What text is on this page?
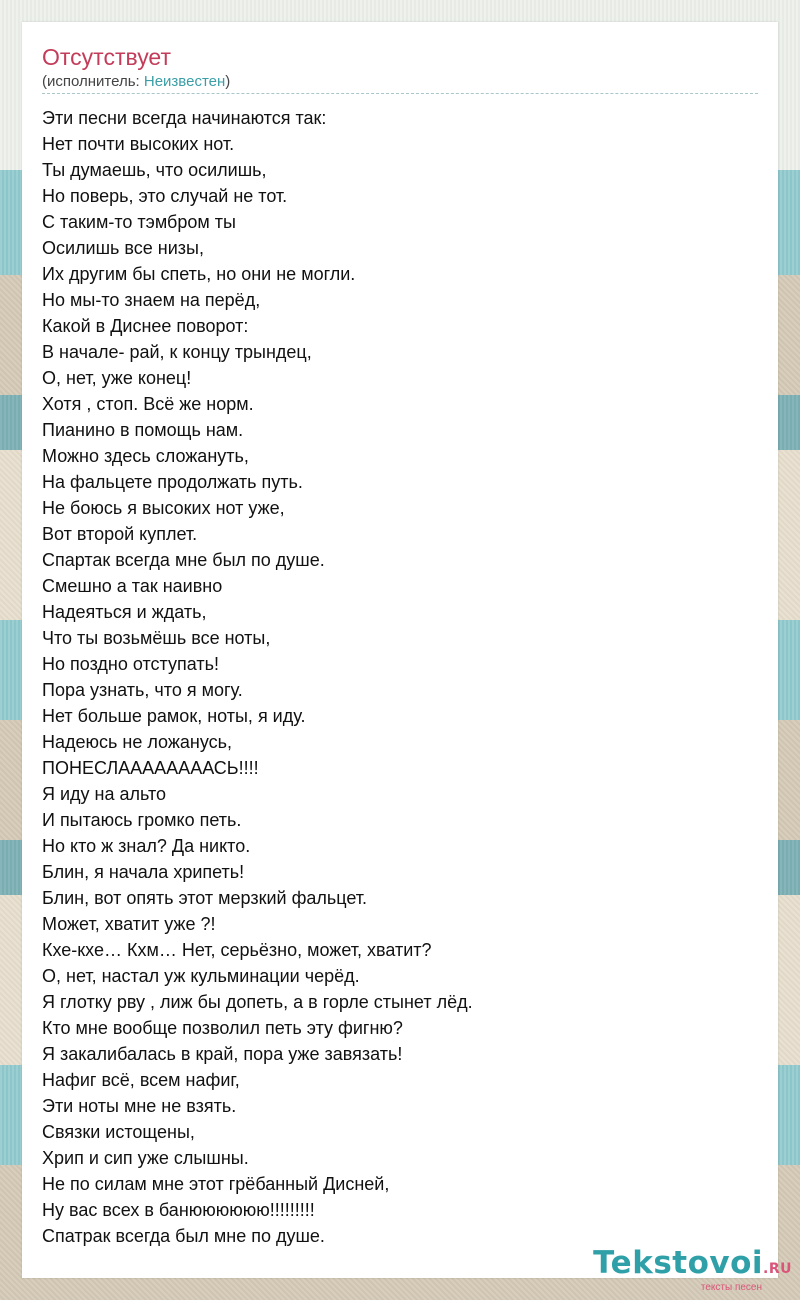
Отсутствует
(исполнитель: Неизвестен)
Эти песни всегда начинаются так:
Нет почти высоких нот.
Ты думаешь, что осилишь,
Но поверь, это случай не тот.
С таким-то тэмбром ты
Осилишь все низы,
Их другим бы спеть, но они не могли.
Но мы-то знаем на перёд,
Какой в Диснее поворот:
В начале- рай, к концу трындец,
О, нет, уже конец!
Хотя , стоп. Всё же норм.
Пианино в помощь нам.
Можно здесь сложануть,
На фальцете продолжать путь.
Не боюсь я высоких нот уже,
Вот второй куплет.
Спартак всегда мне был по душе.
Смешно а так наивно
Надеяться и ждать,
Что ты возьмёшь все ноты,
Но поздно отступать!
Пора узнать, что я могу.
Нет больше рамок, ноты, я иду.
Надеюсь не ложанусь,
ПОНЕСЛААААААААСЬ!!!!
Я иду на альто
И пытаюсь громко петь.
Но кто ж знал? Да никто.
Блин, я начала хрипеть!
Блин, вот опять этот мерзкий фальцет.
Может, хватит уже ?!
Кхе-кхе… Кхм… Нет, серьёзно, может, хватит?
О, нет, настал уж кульминации черёд.
Я глотку рву , лиж бы допеть, а в горле стынет лёд.
Кто мне вообще позволил петь эту фигню?
Я закалибалась в край, пора уже завязать!
Нафиг всё, всем нафиг,
Эти ноты мне не взять.
Связки истощены,
Хрип и сип уже слышны.
Не по силам мне этот грёбанный Дисней,
Ну вас всех в банюююююю!!!!!!!!!
Спатрак всегда был мне по душе.
Tekstovoi.RU
тексты песен
